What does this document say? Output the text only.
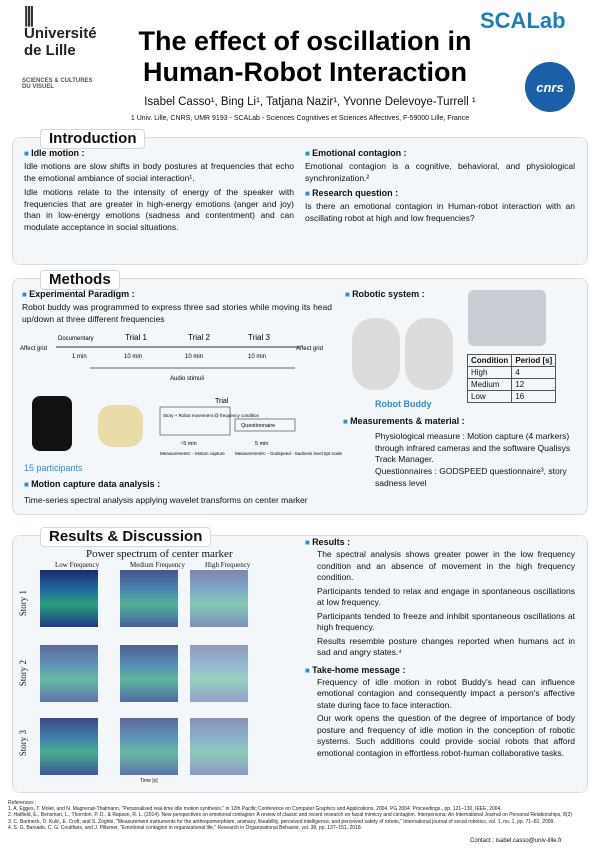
⫼
Université de Lille
SCIENCES & CULTURES DU VISUEL
SCALab
cnrs
The effect of oscillation in Human-Robot Interaction
Isabel Casso¹, Bing Li¹, Tatjana Nazir¹, Yvonne Delevoye-Turrell ¹
1 Univ. Lille, CNRS, UMR 9193 - SCALab - Sciences Cognitives et Sciences Affectives, F-59000 Lille, France
Introduction
■ Idle motion :
Idle motions are slow shifts in body postures at frequencies that echo the emotional ambiance of social interaction¹.
Idle motions relate to the intensity of energy of the speaker with frequencies that are greater in high-energy emotions (anger and joy) than in low-energy emotions (sadness and contentment) and can modulate acceptance in social situations.
■ Emotional contagion :
Emotional contagion is a cognitive, behavioral, and physiological synchronization.²
■ Research question :
Is there an emotional contagion in Human-robot interaction with an oscillating robot at high and low frequencies?
Methods
■ Experimental Paradigm :
Robot buddy was programmed to express three sad stories while moving its head up/down at three different frequencies
Documentary	Trial 1	Trial 2	Trial 3
Affect grid	Affect grid
1 min	10 min	10 min	10 min
Audio stimuli
Trial
Story + Robot movement @ frequency condition
Questionnaire
~5 min	5 min
Measurements: - Motion capture Measurements: - Godspeed - Sadness level 5pt scale
15 participants
■ Motion capture data analysis :
Time-series spectral analysis applying wavelet transforms on center marker
■ Robotic system :
Robot Buddy
Condition	Period [s]
High	4
Medium	12
Low	16
■ Measurements & material :
Physiological measure : Motion capture (4 markers) through infrared cameras and the software Qualisys Track Manager.
Questionnaires : GODSPEED questionnaire³, story sadness level
Results & Discussion
Power spectrum of center marker
Low Frequency	Medium Frequency	High Frequency
Story 1
Story 2
Story 3
Time [s]
■ Results :
The spectral analysis shows greater power in the low frequency condition and an absence of movement in the high frequency condition.
Participants tended to relax and engage in spontaneous oscillations at low frequency.
Participants tended to freeze and inhibit spontaneous oscillations at high frequency.
Results resemble posture changes reported when humans act in sad and angry states.⁴
■ Take-home message :
Frequency of idle motion in robot Buddy's head can influence emotional contagion and consequently impact a person's affective state during face to face interaction.
Our work opens the question of the degree of importance of body posture and frequency of idle motion in the conception of robotic systems. Such additions could provide social robots that afford emotional contagion in effortless robot-human collaborative tasks.
References :
1. A. Egges, T. Molet, and N. Magnenat-Thalmann, "Personalised real-time idle motion synthesis," in 12th Pacific Conference on Computer Graphics and Applications, 2004. PG 2004. Proceedings., pp. 121–130, IEEE, 2004.
2. Hatfield, E., Bensman, L., Thornton, P. D., & Rapson, R. L. (2014). New perspectives on emotional contagion: A review of classic and recent research on facial mimicry and contagion. Interpersona: An International Journal on Personal Relationships, 8(2)
3. C. Bartneck, D. Kulić, E. Croft, and S. Zoghbi, "Measurement instruments for the anthropomorphism, animacy, likeability, perceived intelligence, and perceived safety of robots," International journal of social robotics, vol. 1, no. 1, pp. 71–81, 2009.
4. S. G. Barsade, C. G. Coutifaris, and J. Pillemer, "Emotional contagion in organizational life," Research in Organizational Behavior, vol. 38, pp. 137–151, 2018.
Contact : isabel.casso@univ-lille.fr
